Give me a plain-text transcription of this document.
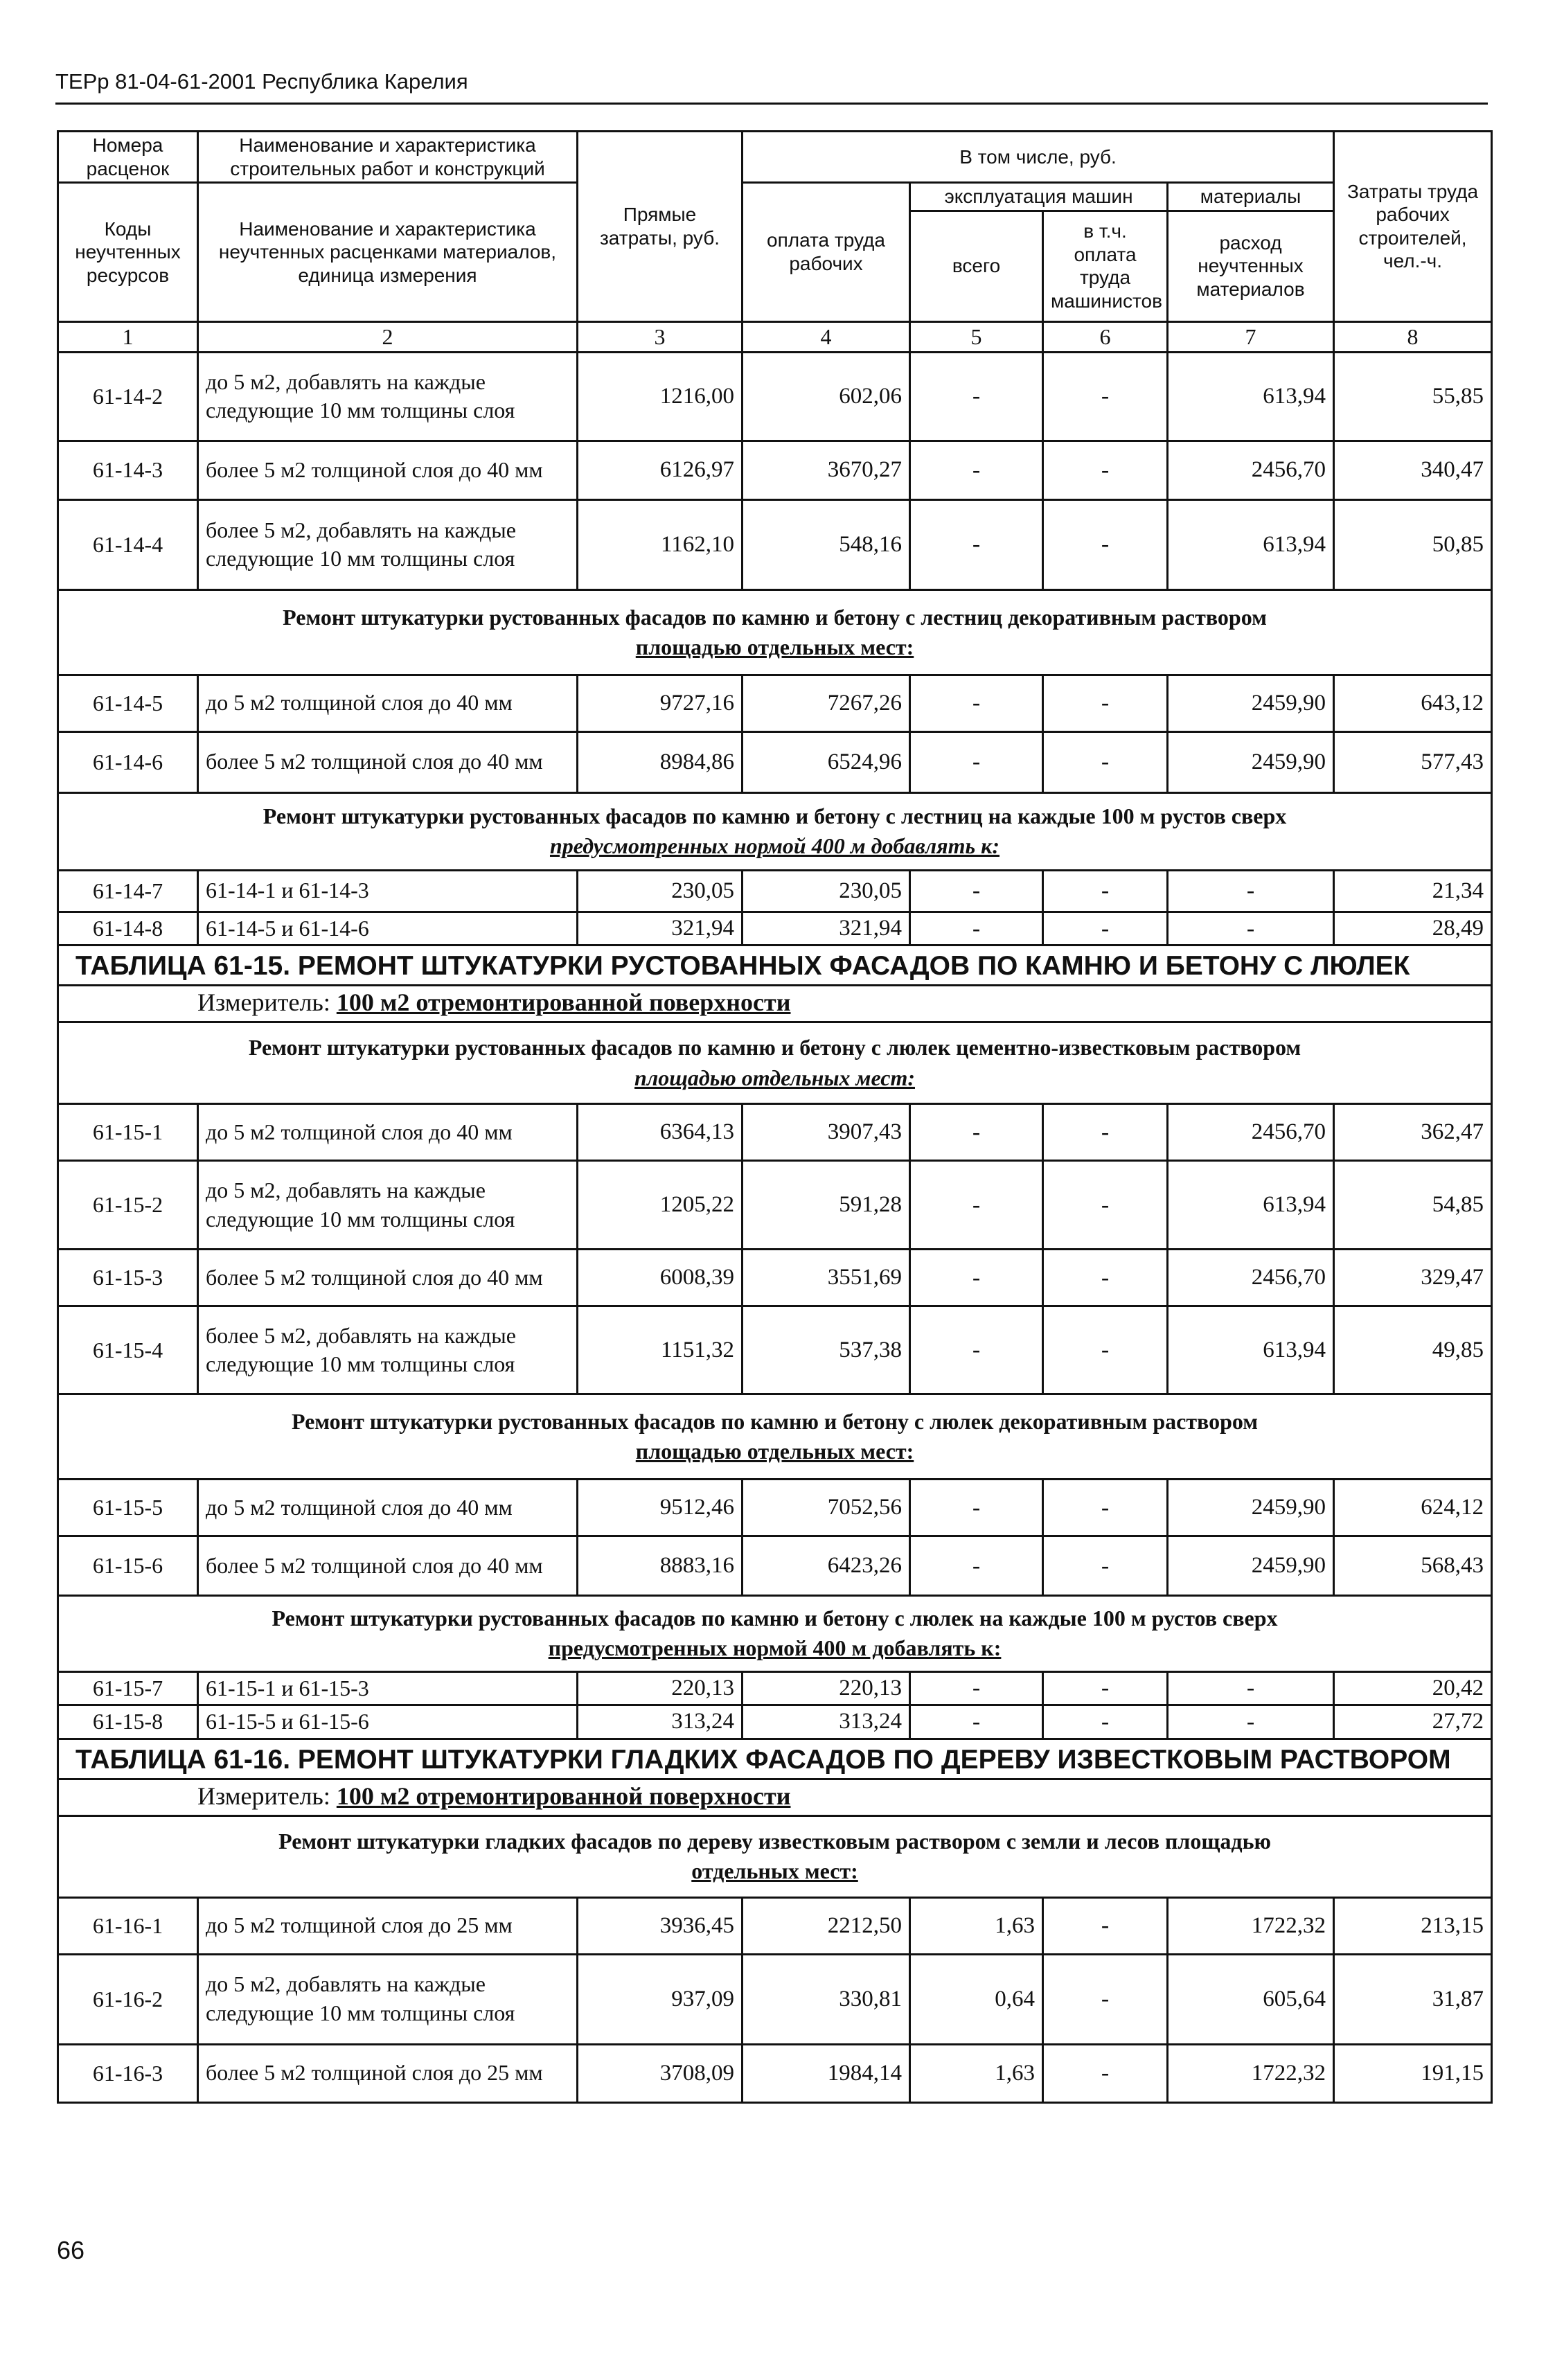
ТЕРр 81-04-61-2001 Республика Карелия
Номера расценок	Наименование и характеристика строительных работ и конструкций	Прямые затраты, руб.	В том числе, руб.				Затраты труда рабочих строителей, чел.-ч.
Коды неучтенных ресурсов	Наименование и характеристика неучтенных расценками материалов, единица измерения		оплата труда рабочих	эксплуатация машин		материалы	
				всего	в т.ч. оплата труда машинистов	расход неучтенных материалов	
1	2	3	4	5	6	7	8
61-14-2	до 5 м2, добавлять на каждые следующие 10 мм толщины слоя	1216,00	602,06	-	-	613,94	55,85
61-14-3	более 5 м2 толщиной слоя до 40 мм	6126,97	3670,27	-	-	2456,70	340,47
61-14-4	более 5 м2, добавлять на каждые следующие 10 мм толщины слоя	1162,10	548,16	-	-	613,94	50,85
Ремонт штукатурки рустованных фасадов по камню и бетону с лестниц декоративным раствором
площадью отдельных мест:							
61-14-5	до 5 м2 толщиной слоя до 40 мм	9727,16	7267,26	-	-	2459,90	643,12
61-14-6	более 5 м2 толщиной слоя до 40 мм	8984,86	6524,96	-	-	2459,90	577,43
Ремонт штукатурки рустованных фасадов по камню и бетону с лестниц на каждые 100 м рустов сверх
предусмотренных нормой 400 м добавлять к:							
61-14-7	61-14-1 и 61-14-3	230,05	230,05	-	-	-	21,34
61-14-8	61-14-5 и 61-14-6	321,94	321,94	-	-	-	28,49
ТАБЛИЦА 61-15. РЕМОНТ ШТУКАТУРКИ РУСТОВАННЫХ ФАСАДОВ ПО КАМНЮ И БЕТОНУ С ЛЮЛЕК							
Измеритель: 100 м2 отремонтированной поверхности							
Ремонт штукатурки рустованных фасадов по камню и бетону с люлек цементно-известковым раствором
площадью отдельных мест:							
61-15-1	до 5 м2 толщиной слоя до 40 мм	6364,13	3907,43	-	-	2456,70	362,47
61-15-2	до 5 м2, добавлять на каждые следующие 10 мм толщины слоя	1205,22	591,28	-	-	613,94	54,85
61-15-3	более 5 м2 толщиной слоя до 40 мм	6008,39	3551,69	-	-	2456,70	329,47
61-15-4	более 5 м2, добавлять на каждые следующие 10 мм толщины слоя	1151,32	537,38	-	-	613,94	49,85
Ремонт штукатурки рустованных фасадов по камню и бетону с люлек декоративным раствором
площадью отдельных мест:							
61-15-5	до 5 м2 толщиной слоя до 40 мм	9512,46	7052,56	-	-	2459,90	624,12
61-15-6	более 5 м2 толщиной слоя до 40 мм	8883,16	6423,26	-	-	2459,90	568,43
Ремонт штукатурки рустованных фасадов по камню и бетону с люлек на каждые 100 м рустов сверх
предусмотренных нормой 400 м добавлять к:							
61-15-7	61-15-1 и 61-15-3	220,13	220,13	-	-	-	20,42
61-15-8	61-15-5 и 61-15-6	313,24	313,24	-	-	-	27,72
ТАБЛИЦА 61-16. РЕМОНТ ШТУКАТУРКИ ГЛАДКИХ ФАСАДОВ ПО ДЕРЕВУ ИЗВЕСТКОВЫМ РАСТВОРОМ							
Измеритель: 100 м2 отремонтированной поверхности							
Ремонт штукатурки гладких фасадов по дереву известковым раствором с земли и лесов площадью
отдельных мест:							
61-16-1	до 5 м2 толщиной слоя до 25 мм	3936,45	2212,50	1,63	-	1722,32	213,15
61-16-2	до 5 м2, добавлять на каждые следующие 10 мм толщины слоя	937,09	330,81	0,64	-	605,64	31,87
61-16-3	более 5 м2 толщиной слоя до 25 мм	3708,09	1984,14	1,63	-	1722,32	191,15
66
